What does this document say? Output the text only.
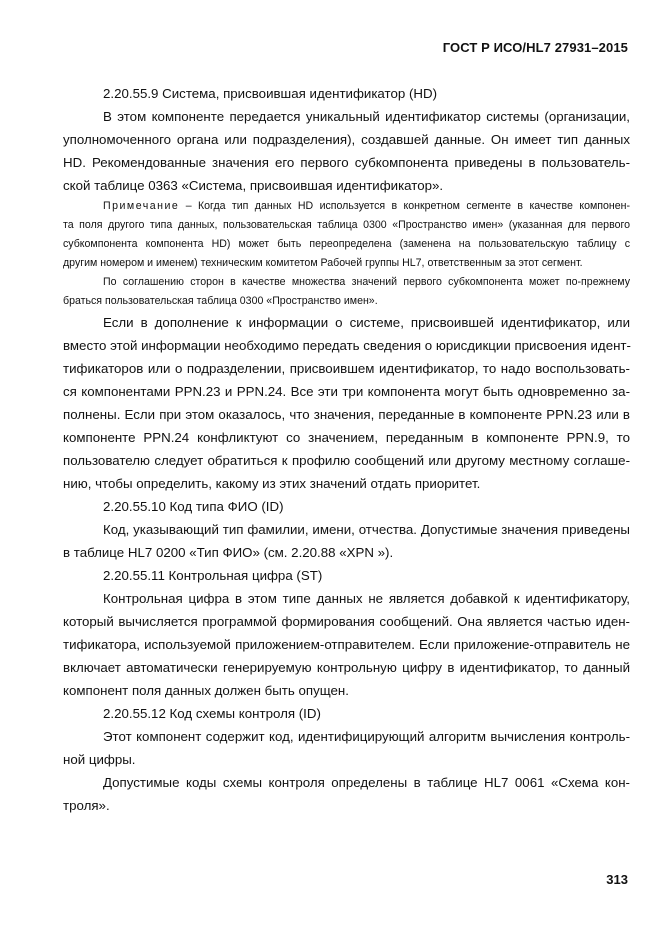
ГОСТ Р ИСО/HL7 27931–2015
2.20.55.9 Система, присвоившая идентификатор (HD)
В этом компоненте передается уникальный идентификатор системы (организации,
уполномоченного органа или подразделения), создавшей данные. Он имеет тип данных
HD. Рекомендованные значения его первого субкомпонента приведены в пользователь-
ской таблице 0363 «Система, присвоившая идентификатор».
Примечание – Когда тип данных HD используется в конкретном сегменте в качестве компонен-
та поля другого типа данных, пользовательская таблица 0300 «Пространство имен» (указанная для первого
субкомпонента компонента HD) может быть переопределена (заменена на пользовательскую таблицу с
другим номером и именем) техническим комитетом Рабочей группы HL7, ответственным за этот сегмент.
По соглашению сторон в качестве множества значений первого субкомпонента может по-прежнему
браться пользовательская таблица 0300 «Пространство имен».
Если в дополнение к информации о системе, присвоившей идентификатор, или
вместо этой информации необходимо передать сведения о юрисдикции присвоения идент-
тификаторов или о подразделении, присвоившем идентификатор, то надо воспользовать-
ся компонентами PPN.23 и PPN.24. Все эти три компонента могут быть одновременно за-
полнены. Если при этом оказалось, что значения, переданные в компоненте PPN.23 или в
компоненте PPN.24 конфликтуют со значением, переданным в компоненте PPN.9, то
пользователю следует обратиться к профилю сообщений или другому местному соглаше-
нию, чтобы определить, какому из этих значений отдать приоритет.
2.20.55.10 Код типа ФИО (ID)
Код, указывающий тип фамилии, имени, отчества. Допустимые значения приведены
в таблице HL7 0200 «Тип ФИО» (см. 2.20.88 «XPN »).
2.20.55.11 Контрольная цифра (ST)
Контрольная цифра в этом типе данных не является добавкой к идентификатору,
который вычисляется программой формирования сообщений. Она является частью иден-
тификатора, используемой приложением-отправителем. Если приложение-отправитель не
включает автоматически генерируемую контрольную цифру в идентификатор, то данный
компонент поля данных должен быть опущен.
2.20.55.12 Код схемы контроля (ID)
Этот компонент содержит код, идентифицирующий алгоритм вычисления контроль-
ной цифры.
Допустимые коды схемы контроля определены в таблице HL7 0061 «Схема кон-
троля».
313
